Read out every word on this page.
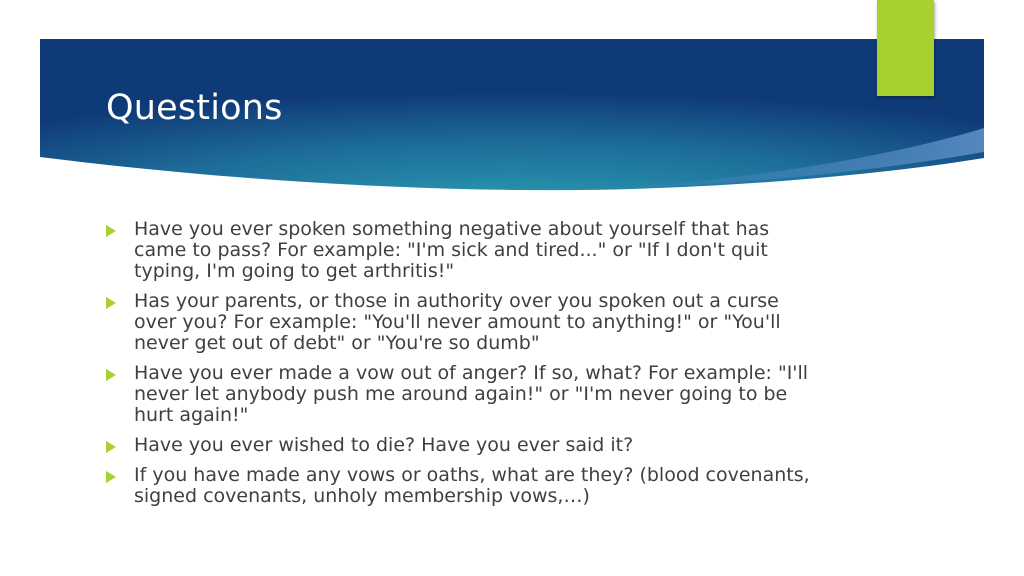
Questions
Have you ever spoken something negative about yourself that has came to pass? For example: "I'm sick and tired..." or "If I don't quit typing, I'm going to get arthritis!"
Has your parents, or those in authority over you spoken out a curse over you? For example: "You'll never amount to anything!" or "You'll never get out of debt" or "You're so dumb"
Have you ever made a vow out of anger? If so, what? For example: "I'll never let anybody push me around again!" or "I'm never going to be hurt again!"
Have you ever wished to die? Have you ever said it?
If you have made any vows or oaths, what are they? (blood covenants, signed covenants, unholy membership vows,…)
